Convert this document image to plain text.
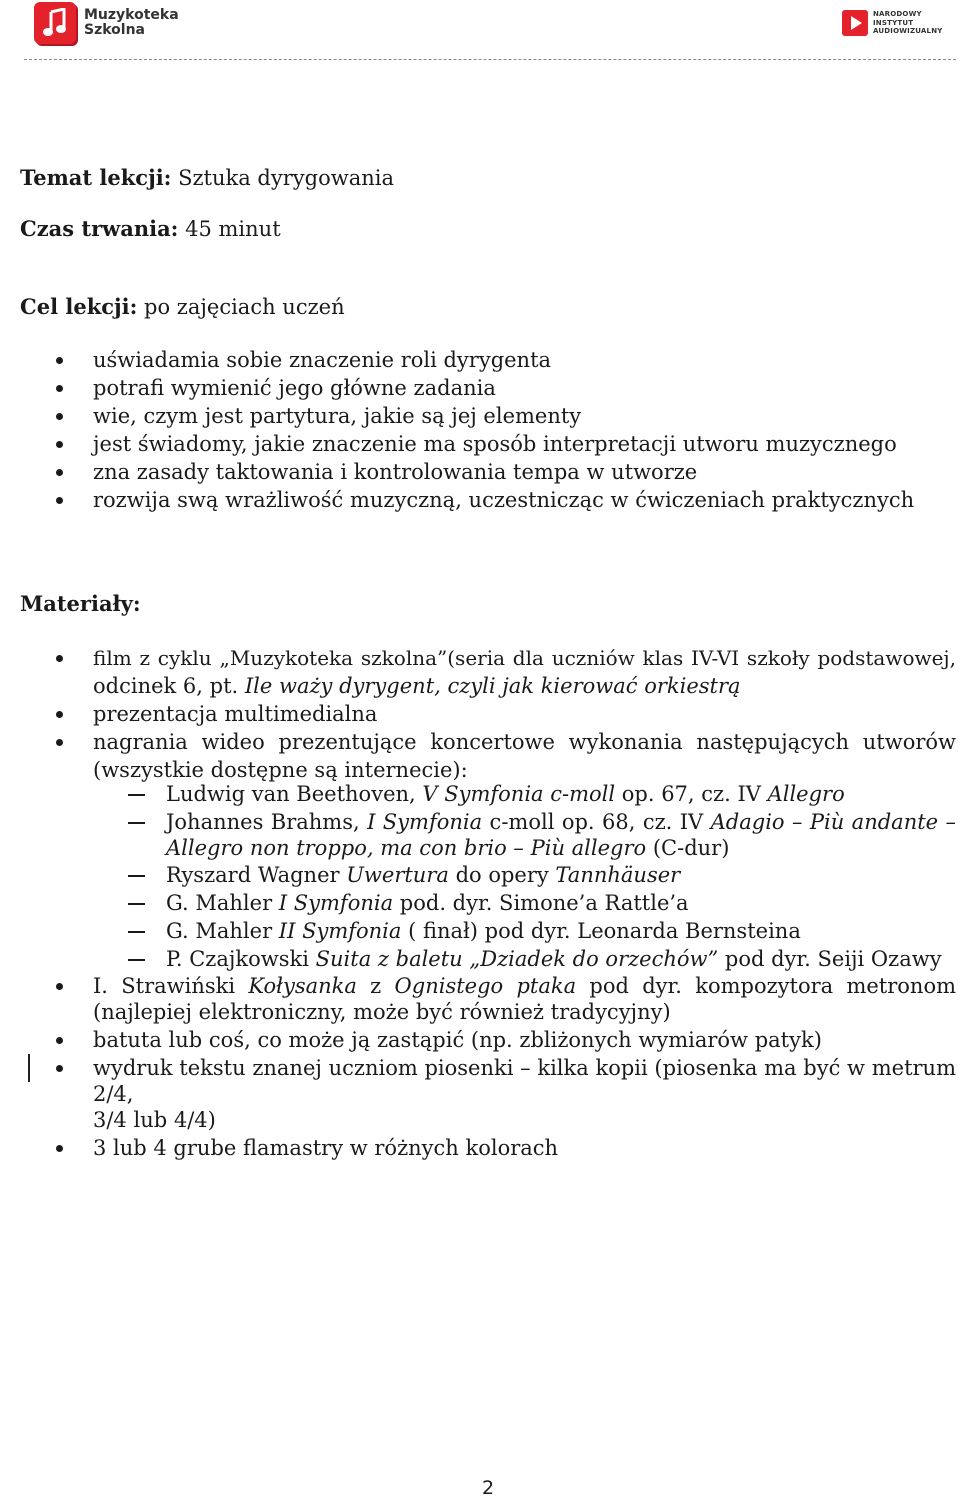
Muzykoteka
Szkolna
NARODOWY
INSTYTUT
AUDIOWIZUALNY
Temat lekcji: Sztuka dyrygowania
Czas trwania: 45 minut
Cel lekcji: po zajęciach uczeń
uświadamia sobie znaczenie roli dyrygenta
potrafi wymienić jego główne zadania
wie, czym jest partytura, jakie są jej elementy
jest świadomy, jakie znaczenie ma sposób interpretacji utworu muzycznego
zna zasady taktowania i kontrolowania tempa w utworze
rozwija swą wrażliwość muzyczną, uczestnicząc w ćwiczeniach praktycznych
Materiały:
film z cyklu „Muzykoteka szkolna”(seria dla uczniów klas IV-VI szkoły podstawowej,
odcinek 6, pt. Ile waży dyrygent, czyli jak kierować orkiestrą
prezentacja multimedialna
nagrania wideo prezentujące koncertowe wykonania następujących utworów
(wszystkie dostępne są internecie):
Ludwig van Beethoven, V Symfonia c-moll op. 67, cz. IV Allegro
Johannes Brahms, I Symfonia c-moll op. 68, cz. IV Adagio – Più andante –
Allegro non troppo, ma con brio – Più allegro (C-dur)
Ryszard Wagner Uwertura do opery Tannhäuser
G. Mahler I Symfonia pod. dyr. Simone’a Rattle’a
G. Mahler II Symfonia ( finał) pod dyr. Leonarda Bernsteina
P. Czajkowski Suita z baletu „Dziadek do orzechów” pod dyr. Seiji Ozawy
I. Strawiński Kołysanka z Ognistego ptaka pod dyr. kompozytora metronom
(najlepiej elektroniczny, może być również tradycyjny)
batuta lub coś, co może ją zastąpić (np. zbliżonych wymiarów patyk)
wydruk tekstu znanej uczniom piosenki – kilka kopii (piosenka ma być w metrum 2/4,
3/4 lub 4/4)
3 lub 4 grube flamastry w różnych kolorach
2
